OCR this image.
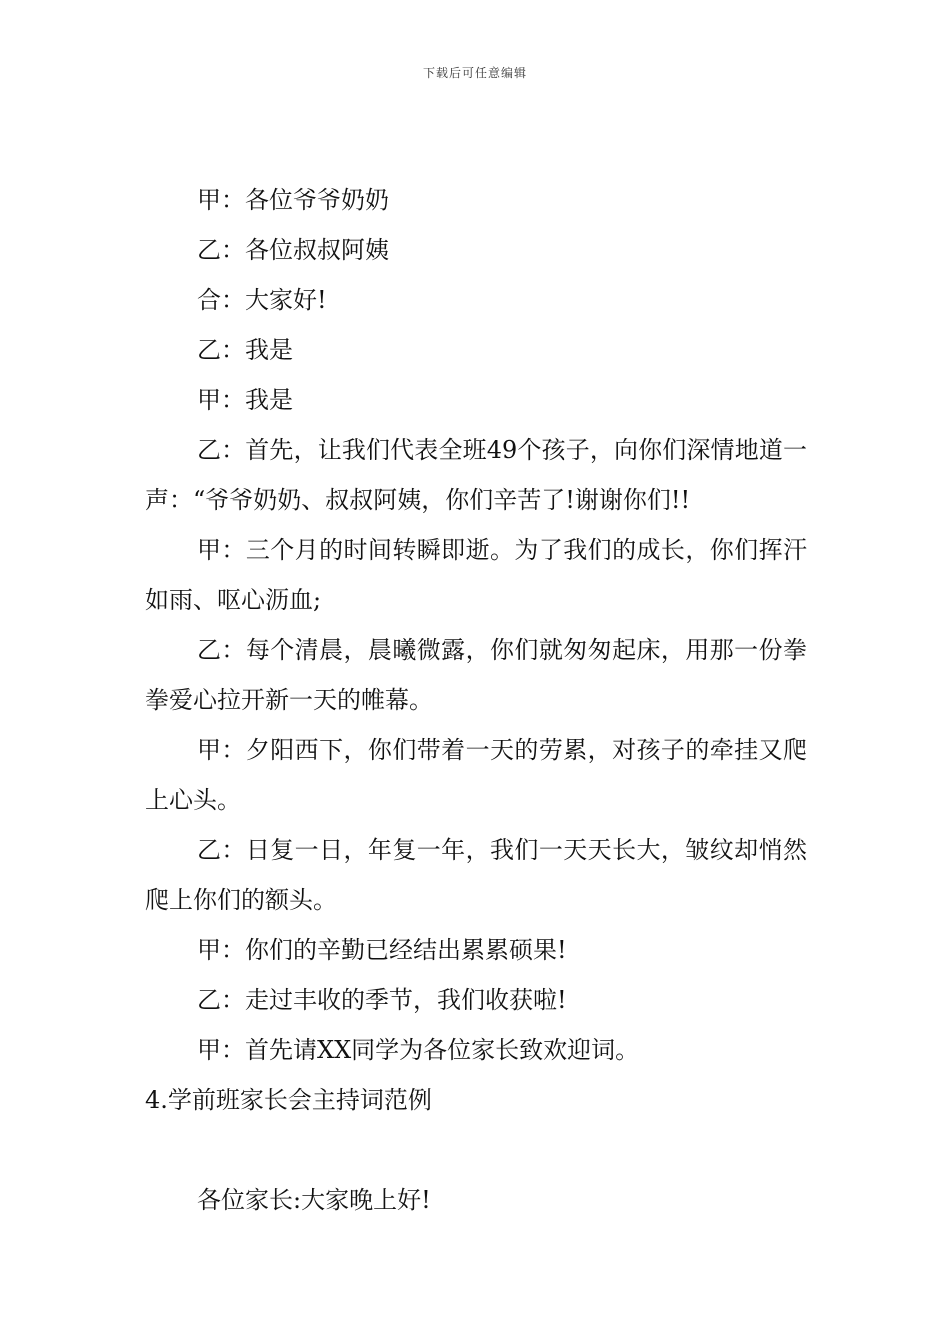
下载后可任意编辑

甲：各位爷爷奶奶

乙：各位叔叔阿姨

合：大家好!

乙：我是

甲：我是

乙：首先，让我们代表全班49个孩子，向你们深情地道一声：“爷爷奶奶、叔叔阿姨，你们辛苦了!谢谢你们!!

甲：三个月的时间转瞬即逝。为了我们的成长，你们挥汗如雨、呕心沥血;

乙：每个清晨，晨曦微露，你们就匆匆起床，用那一份拳拳爱心拉开新一天的帷幕。

甲：夕阳西下，你们带着一天的劳累，对孩子的牵挂又爬上心头。

乙：日复一日，年复一年，我们一天天长大，皱纹却悄然爬上你们的额头。

甲：你们的辛勤已经结出累累硕果!

乙：走过丰收的季节，我们收获啦!

甲：首先请XX同学为各位家长致欢迎词。

4.学前班家长会主持词范例

各位家长:大家晚上好!
